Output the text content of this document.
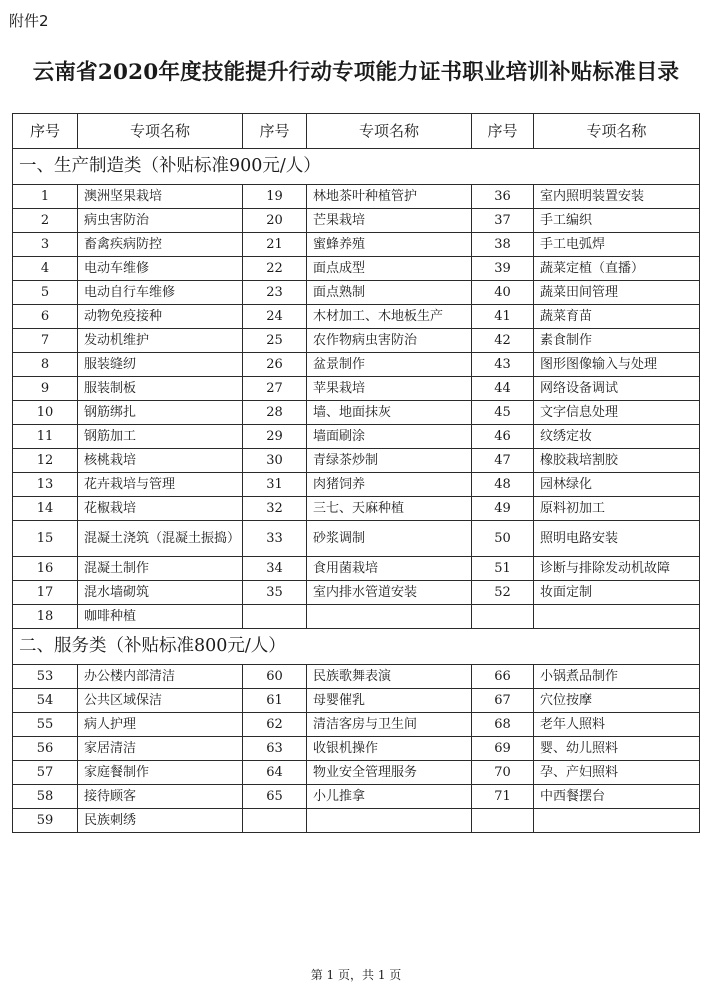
附件2
云南省2020年度技能提升行动专项能力证书职业培训补贴标准目录
序号	专项名称	序号	专项名称	序号	专项名称
一、生产制造类（补贴标准900元/人）					
1	澳洲坚果栽培	19	林地茶叶种植管护	36	室内照明装置安装
2	病虫害防治	20	芒果栽培	37	手工编织
3	畜禽疾病防控	21	蜜蜂养殖	38	手工电弧焊
4	电动车维修	22	面点成型	39	蔬菜定植（直播）
5	电动自行车维修	23	面点熟制	40	蔬菜田间管理
6	动物免疫接种	24	木材加工、木地板生产	41	蔬菜育苗
7	发动机维护	25	农作物病虫害防治	42	素食制作
8	服装缝纫	26	盆景制作	43	图形图像输入与处理
9	服装制板	27	苹果栽培	44	网络设备调试
10	钢筋绑扎	28	墙、地面抹灰	45	文字信息处理
11	钢筋加工	29	墙面刷涂	46	纹绣定妆
12	核桃栽培	30	青绿茶炒制	47	橡胶栽培割胶
13	花卉栽培与管理	31	肉猪饲养	48	园林绿化
14	花椒栽培	32	三七、天麻种植	49	原料初加工
15	混凝土浇筑（混凝土振捣）	33	砂浆调制	50	照明电路安装
16	混凝土制作	34	食用菌栽培	51	诊断与排除发动机故障
17	混水墙砌筑	35	室内排水管道安装	52	妆面定制
18	咖啡种植				
二、服务类（补贴标准800元/人）					
53	办公楼内部清洁	60	民族歌舞表演	66	小锅煮品制作
54	公共区域保洁	61	母婴催乳	67	穴位按摩
55	病人护理	62	清洁客房与卫生间	68	老年人照料
56	家居清洁	63	收银机操作	69	婴、幼儿照料
57	家庭餐制作	64	物业安全管理服务	70	孕、产妇照料
58	接待顾客	65	小儿推拿	71	中西餐摆台
59	民族刺绣				
第 1 页，共 1 页
